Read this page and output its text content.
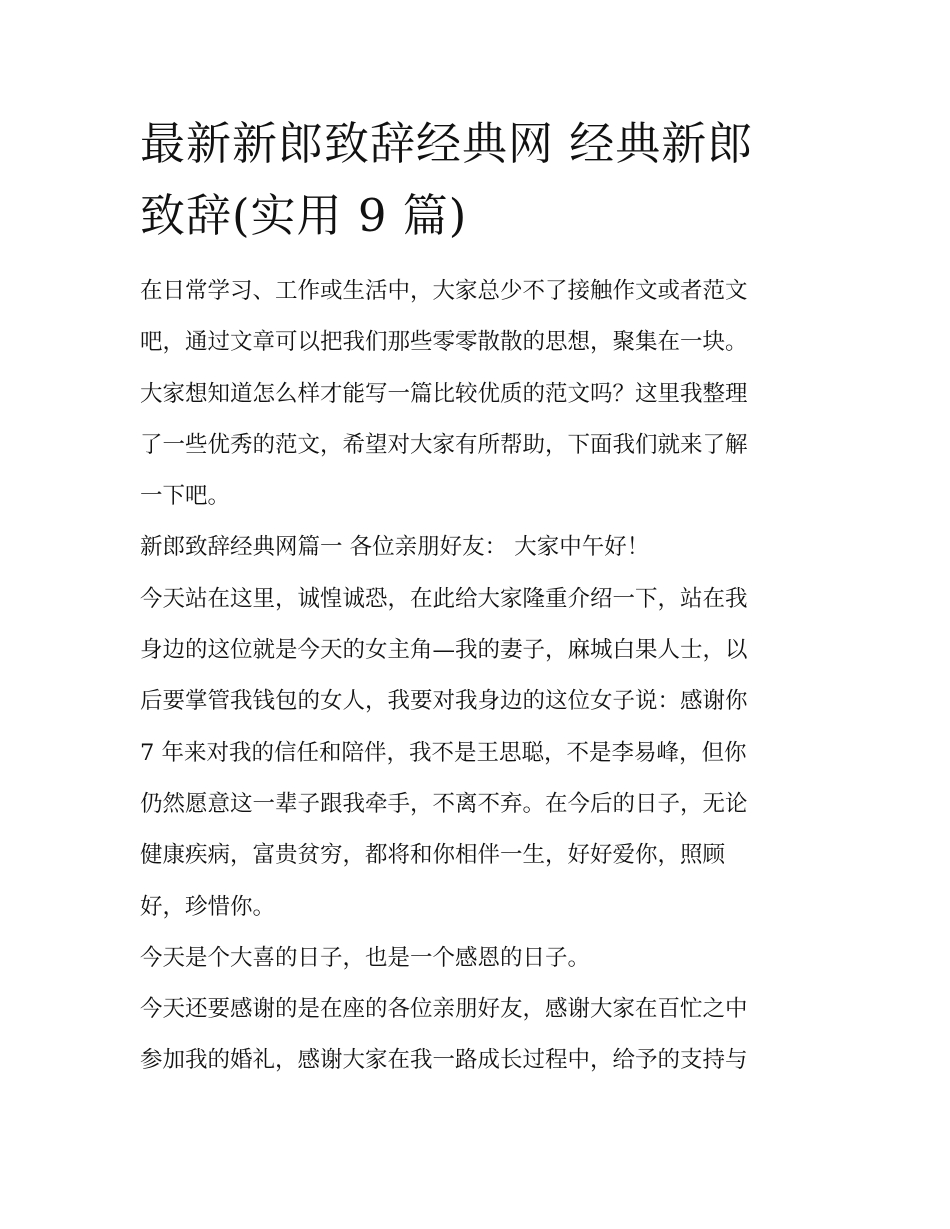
最新新郎致辞经典网 经典新郎
致辞(实用 9 篇)

在日常学习、工作或生活中，大家总少不了接触作文或者范文
吧，通过文章可以把我们那些零零散散的思想，聚集在一块。
大家想知道怎么样才能写一篇比较优质的范文吗？这里我整理
了一些优秀的范文，希望对大家有所帮助，下面我们就来了解
一下吧。

新郎致辞经典网篇一 各位亲朋好友： 大家中午好！

今天站在这里，诚惶诚恐，在此给大家隆重介绍一下，站在我
身边的这位就是今天的女主角—我的妻子，麻城白果人士，以
后要掌管我钱包的女人，我要对我身边的这位女子说：感谢你
7 年来对我的信任和陪伴，我不是王思聪，不是李易峰，但你
仍然愿意这一辈子跟我牵手，不离不弃。在今后的日子，无论
健康疾病，富贵贫穷，都将和你相伴一生，好好爱你，照顾
好，珍惜你。

今天是个大喜的日子，也是一个感恩的日子。

今天还要感谢的是在座的各位亲朋好友，感谢大家在百忙之中
参加我的婚礼，感谢大家在我一路成长过程中，给予的支持与
